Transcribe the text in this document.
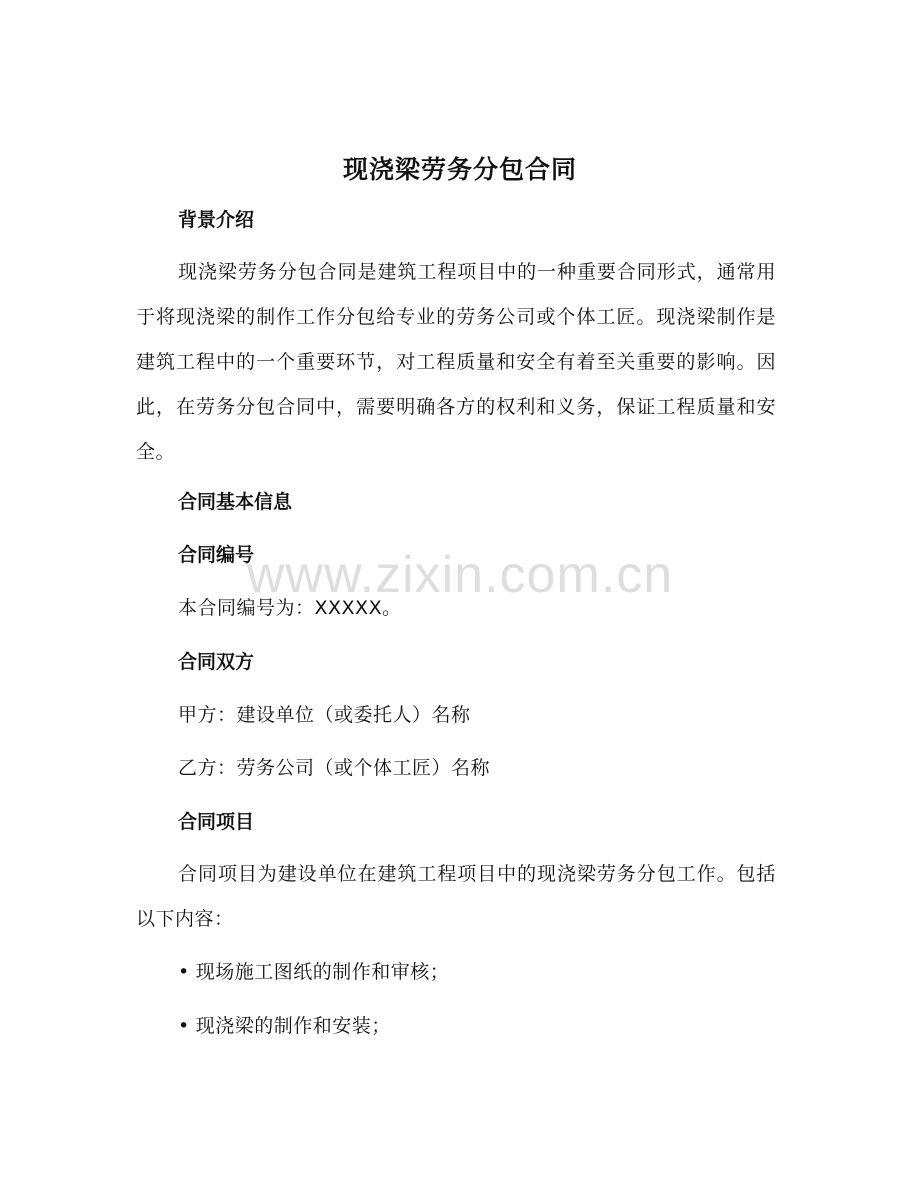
现浇梁劳务分包合同
背景介绍
现浇梁劳务分包合同是建筑工程项目中的一种重要合同形式，通常用于将现浇梁的制作工作分包给专业的劳务公司或个体工匠。现浇梁制作是建筑工程中的一个重要环节，对工程质量和安全有着至关重要的影响。因此，在劳务分包合同中，需要明确各方的权利和义务，保证工程质量和安全。
合同基本信息
合同编号
本合同编号为：XXXXX。
合同双方
甲方：建设单位（或委托人）名称
乙方：劳务公司（或个体工匠）名称
合同项目
合同项目为建设单位在建筑工程项目中的现浇梁劳务分包工作。包括以下内容：
• 现场施工图纸的制作和审核；
• 现浇梁的制作和安装；
www.zixin.com.cn
